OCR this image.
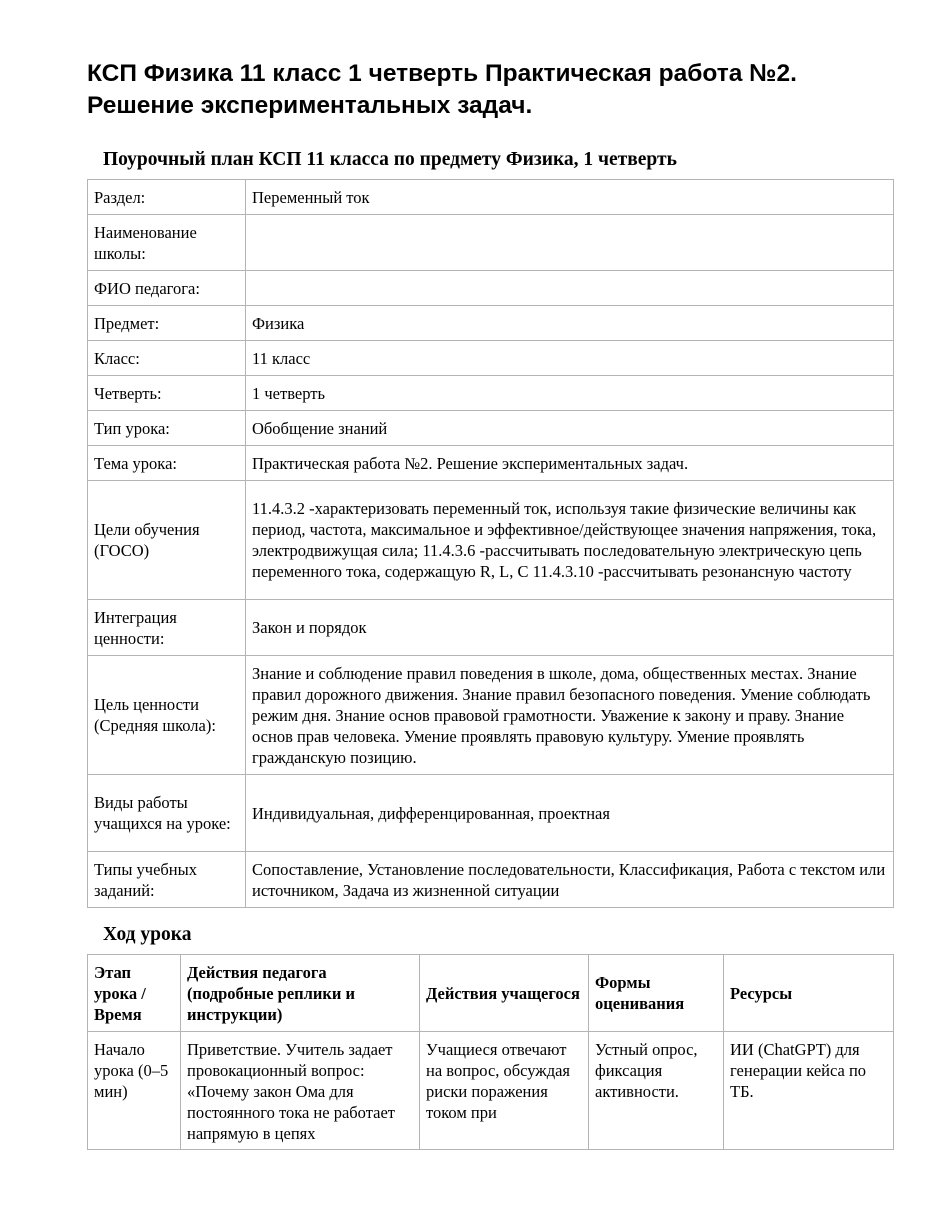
КСП Физика 11 класс 1 четверть Практическая работа №2. Решение экспериментальных задач.
Поурочный план КСП 11 класса по предмету Физика, 1 четверть
Раздел:	Переменный ток
Наименование школы:	
ФИО педагога:	
Предмет:	Физика
Класс:	11 класс
Четверть:	1 четверть
Тип урока:	Обобщение знаний
Тема урока:	Практическая работа №2. Решение экспериментальных задач.
Цели обучения (ГОСО)	11.4.3.2 -характеризовать переменный ток, используя такие физические величины как период, частота, максимальное и эффективное/действующее значения напряжения, тока, электродвижущая сила; 11.4.3.6 -рассчитывать последовательную электрическую цепь переменного тока, содержащую R, L, C 11.4.3.10 -рассчитывать резонансную частоту
Интеграция ценности:	Закон и порядок
Цель ценности (Средняя школа):	Знание и соблюдение правил поведения в школе, дома, общественных местах. Знание правил дорожного движения. Знание правил безопасного поведения. Умение соблюдать режим дня. Знание основ правовой грамотности. Уважение к закону и праву. Знание основ прав человека. Умение проявлять правовую культуру. Умение проявлять гражданскую позицию.
Виды работы учащихся на уроке:	Индивидуальная, дифференцированная, проектная
Типы учебных заданий:	Сопоставление, Установление последовательности, Классификация, Работа с текстом или источником, Задача из жизненной ситуации
Ход урока
Этап урока / Время	Действия педагога (подробные реплики и инструкции)	Действия учащегося	Формы оценивания	Ресурсы

Начало урока (0–5 мин)	Приветствие. Учитель задает провокационный вопрос: «Почему закон Ома для постоянного тока не работает напрямую в цепях	Учащиеся отвечают на вопрос, обсуждая риски поражения током при	Устный опрос, фиксация активности.	ИИ (ChatGPT) для генерации кейса по ТБ.
